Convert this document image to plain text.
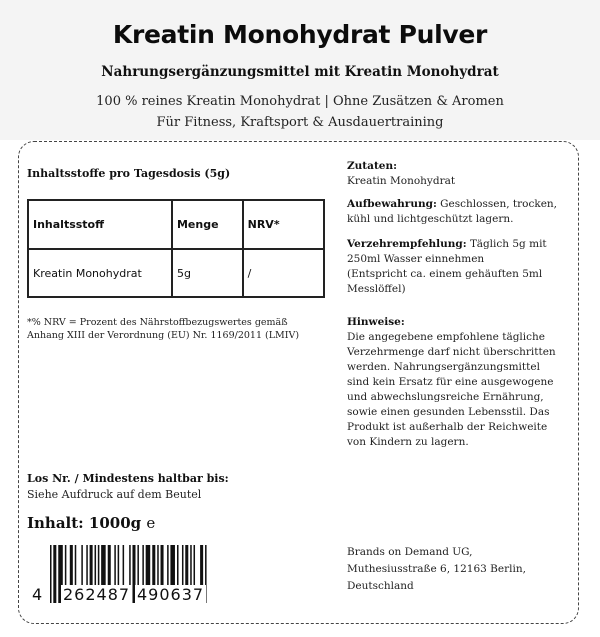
Kreatin Monohydrat Pulver
Nahrungsergänzungsmittel mit Kreatin Monohydrat
100 % reines Kreatin Monohydrat | Ohne Zusätzen & Aromen
Für Fitness, Kraftsport & Ausdauertraining
Inhaltsstoffe pro Tagesdosis (5g)
Inhaltsstoff	Menge	NRV*
Kreatin Monohydrat	5g	/
*% NRV = Prozent des Nährstoffbezugswertes gemäß
Anhang XIII der Verordnung (EU) Nr. 1169/2011 (LMIV)
Los Nr. / Mindestens haltbar bis:
Siehe Aufdruck auf dem Beutel
Inhalt: 1000g e
4 262487 490637

Zutaten:

Kreatin Monohydrat

Aufbewahrung: Geschlossen, trocken,

kühl und lichtgeschützt lagern.

Verzehrempfehlung: Täglich 5g mit

250ml Wasser einnehmen

(Entspricht ca. einem gehäuften 5ml

Messlöffel)

Hinweise:

Die angegebene empfohlene tägliche

Verzehrmenge darf nicht überschritten

werden. Nahrungsergänzungsmittel

sind kein Ersatz für eine ausgewogene

und abwechslungsreiche Ernährung,

sowie einen gesunden Lebensstil. Das

Produkt ist außerhalb der Reichweite

von Kindern zu lagern.

Brands on Demand UG,

Muthesiusstraße 6, 12163 Berlin,

Deutschland
